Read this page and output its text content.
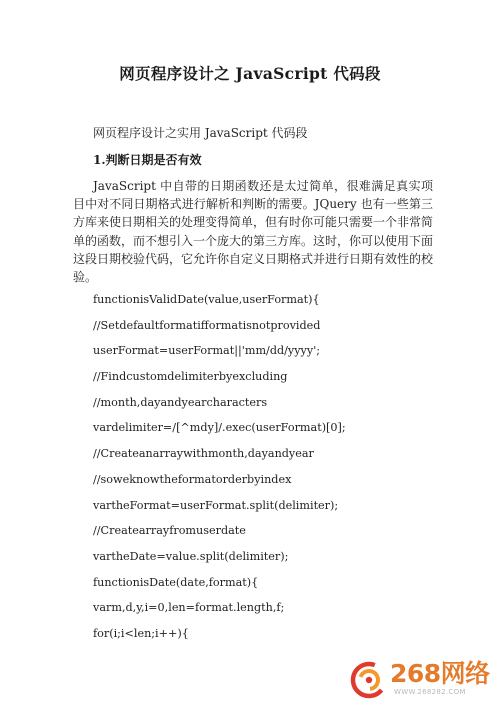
网页程序设计之 JavaScript 代码段
网页程序设计之实用 JavaScript 代码段
1.判断日期是否有效

JavaScript 中自带的日期函数还是太过简单，很难满足真实项目中对不同日期格式进行解析和判断的需要。JQuery 也有一些第三方库来使日期相关的处理变得简单，但有时你可能只需要一个非常简单的函数，而不想引入一个庞大的第三方库。这时，你可以使用下面这段日期校验代码，它允许你自定义日期格式并进行日期有效性的校验。

functionisValidDate(value,userFormat){
//Setdefaultformatifformatisnotprovided
userFormat=userFormat||'mm/dd/yyyy';
//Findcustomdelimiterbyexcluding
//month,dayandyearcharacters
vardelimiter=/[^mdy]/.exec(userFormat)[0];
//Createanarraywithmonth,dayandyear
//soweknowtheformatorderbyindex
vartheFormat=userFormat.split(delimiter);
//Createarrayfromuserdate
vartheDate=value.split(delimiter);
functionisDate(date,format){
varm,d,y,i=0,len=format.length,f;
for(i;i<len;i++){
268网络
WWW.268282.COM
